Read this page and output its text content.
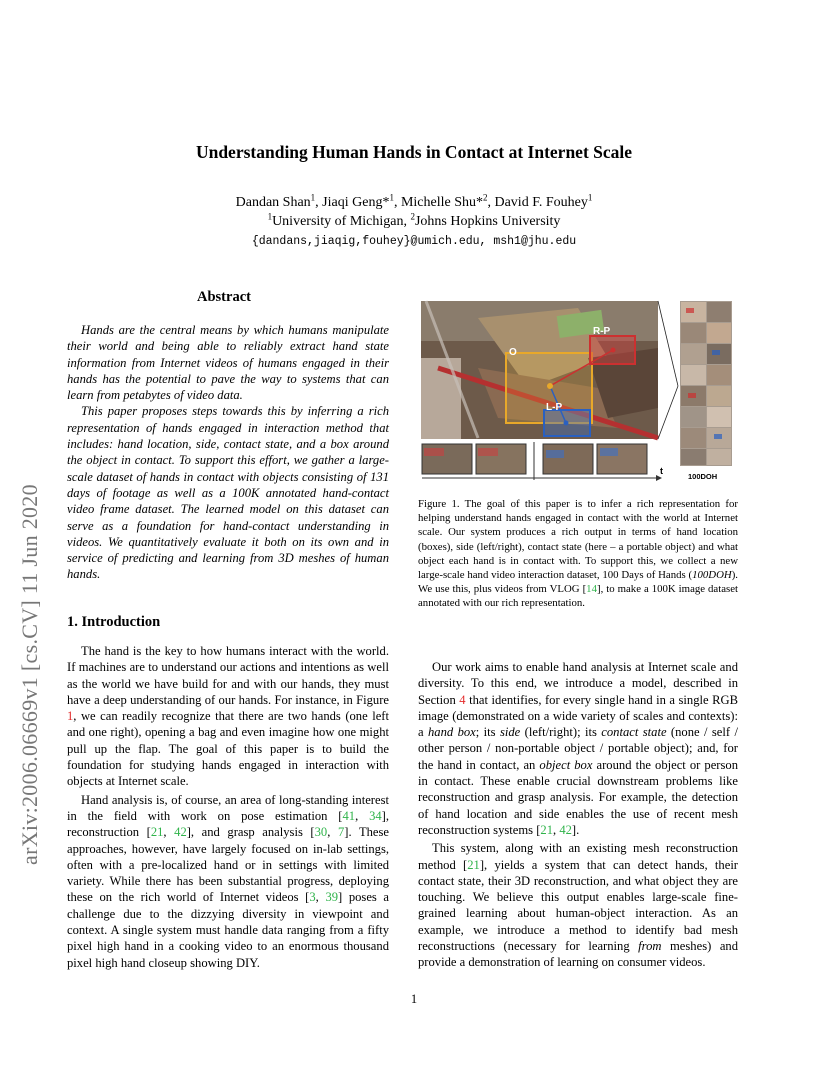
Understanding Human Hands in Contact at Internet Scale
Dandan Shan$^1$, Jiaqi Geng*$^1$, Michelle Shu*$^2$, David F. Fouhey$^1$
$^1$University of Michigan, $^2$Johns Hopkins University
{dandans,jiaqig,fouhey}@umich.edu, msh1@jhu.edu
arXiv:2006.06669v1 [cs.CV] 11 Jun 2020
Abstract

Hands are the central means by which humans manipulate their world and being able to reliably extract hand state information from Internet videos of humans engaged in their hands has the potential to pave the way to systems that can learn from petabytes of video data.

This paper proposes steps towards this by inferring a rich representation of hands engaged in interaction method that includes: hand location, side, contact state, and a box around the object in contact. To support this effort, we gather a large-scale dataset of hands in contact with objects consisting of 131 days of footage as well as a 100K annotated hand-contact video frame dataset. The learned model on this dataset can serve as a foundation for hand-contact understanding in videos. We quantitatively evaluate it both on its own and in service of predicting and learning from 3D meshes of human hands.

1. Introduction

The hand is the key to how humans interact with the world. If machines are to understand our actions and intentions as well as the world we have build for and with our hands, they must have a deep understanding of our hands. For instance, in Figure 1, we can readily recognize that there are two hands (one left and one right), opening a bag and even imagine how one might pull up the flap. The goal of this paper is to build the foundation for studying hands engaged in interaction with objects at Internet scale.

Hand analysis is, of course, an area of long-standing interest in the field with work on pose estimation [41, 34], reconstruction [21, 42], and grasp analysis [30, 7]. These approaches, however, have largely focused on in-lab settings, often with a pre-localized hand or in settings with limited variety. While there has been substantial progress, deploying these on the rich world of Internet videos [3, 39] poses a challenge due to the dizzying diversity in viewpoint and context. A single system must handle data ranging from a fifty pixel high hand in a cooking video to an enormous thousand pixel high hand closeup showing DIY.

R-P
O
L-P
t
100DOH
Figure 1. The goal of this paper is to infer a rich representation for helping understand hands engaged in contact with the world at Internet scale. Our system produces a rich output in terms of hand location (boxes), side (left/right), contact state (here – a portable object) and what object each hand is in contact with. To support this, we collect a new large-scale hand video interaction dataset, 100 Days of Hands (100DOH). We use this, plus videos from VLOG [14], to make a 100K image dataset annotated with our rich representation.

Our work aims to enable hand analysis at Internet scale and diversity. To this end, we introduce a model, described in Section 4 that identifies, for every single hand in a single RGB image (demonstrated on a wide variety of scales and contexts): a hand box; its side (left/right); its contact state (none / self / other person / non-portable object / portable object); and, for the hand in contact, an object box around the object or person in contact. These enable crucial downstream problems like reconstruction and grasp analysis. For example, the detection of hand location and side enables the use of recent mesh reconstruction systems [21, 42].

This system, along with an existing mesh reconstruction method [21], yields a system that can detect hands, their contact state, their 3D reconstruction, and what object they are touching. We believe this output enables large-scale fine-grained learning about human-object interaction. As an example, we introduce a method to identify bad mesh reconstructions (necessary for learning from meshes) and provide a demonstration of learning on consumer videos.

1
